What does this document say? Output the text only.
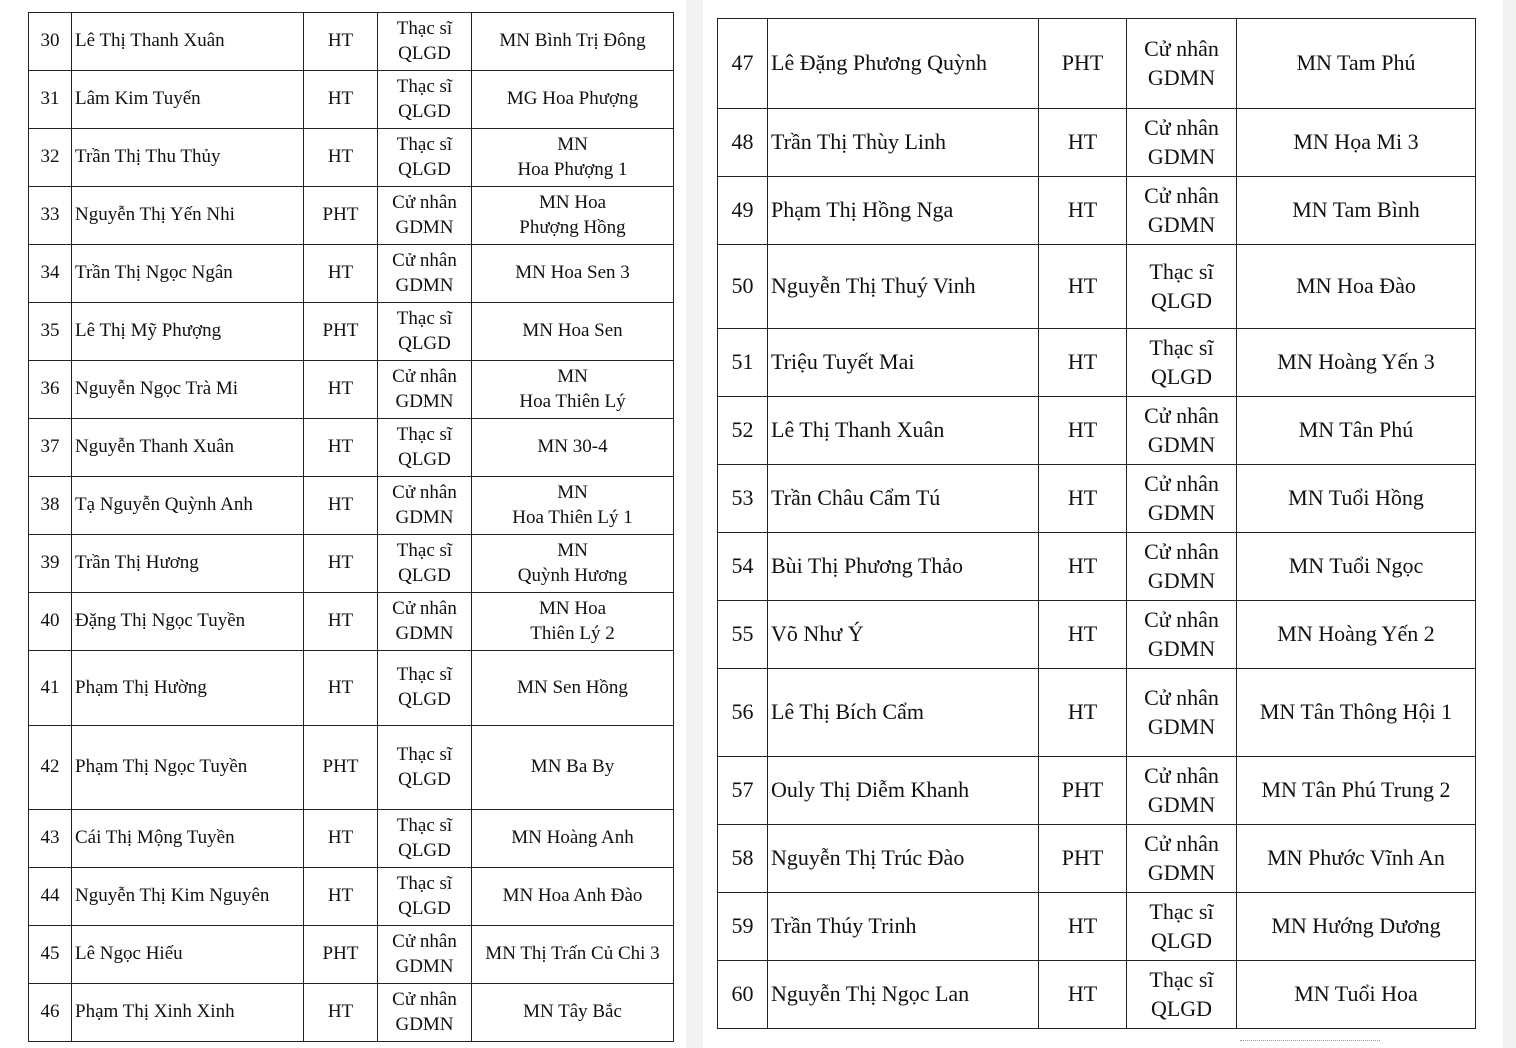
30	Lê Thị Thanh Xuân	HT	Thạc sĩ
QLGD	MN Bình Trị Đông

31	Lâm Kim Tuyến	HT	Thạc sĩ
QLGD	MG Hoa Phượng

32	Trần Thị Thu Thủy	HT	Thạc sĩ
QLGD	MN
Hoa Phượng 1

33	Nguyễn Thị Yến Nhi	PHT	Cử nhân
GDMN	MN Hoa
Phượng Hồng

34	Trần Thị Ngọc Ngân	HT	Cử nhân
GDMN	MN Hoa Sen 3

35	Lê Thị Mỹ Phượng	PHT	Thạc sĩ
QLGD	MN Hoa Sen

36	Nguyễn Ngọc Trà Mi	HT	Cử nhân
GDMN	MN
Hoa Thiên Lý

37	Nguyễn Thanh Xuân	HT	Thạc sĩ
QLGD	MN 30-4

38	Tạ Nguyễn Quỳnh Anh	HT	Cử nhân
GDMN	MN
Hoa Thiên Lý 1

39	Trần Thị Hương	HT	Thạc sĩ
QLGD	MN
Quỳnh Hương

40	Đặng Thị Ngọc Tuyền	HT	Cử nhân
GDMN	MN Hoa
Thiên Lý 2

41	Phạm Thị Hường	HT	Thạc sĩ
QLGD	MN Sen Hồng

42	Phạm Thị Ngọc Tuyền	PHT	Thạc sĩ
QLGD	MN Ba By

43	Cái Thị Mộng Tuyền	HT	Thạc sĩ
QLGD	MN Hoàng Anh

44	Nguyễn Thị Kim Nguyên	HT	Thạc sĩ
QLGD	MN Hoa Anh Đào

45	Lê Ngọc Hiếu	PHT	Cử nhân
GDMN	MN Thị Trấn Củ Chi 3

46	Phạm Thị Xinh Xinh	HT	Cử nhân
GDMN	MN Tây Bắc
47	Lê Đặng Phương Quỳnh	PHT	Cử nhân
GDMN	MN Tam Phú

48	Trần Thị Thùy Linh	HT	Cử nhân
GDMN	MN Họa Mi 3

49	Phạm Thị Hồng Nga	HT	Cử nhân
GDMN	MN Tam Bình

50	Nguyễn Thị Thuý Vinh	HT	Thạc sĩ
QLGD	MN Hoa Đào

51	Triệu Tuyết Mai	HT	Thạc sĩ
QLGD	MN Hoàng Yến 3

52	Lê Thị Thanh Xuân	HT	Cử nhân
GDMN	MN Tân Phú

53	Trần Châu Cẩm Tú	HT	Cử nhân
GDMN	MN Tuổi Hồng

54	Bùi Thị Phương Thảo	HT	Cử nhân
GDMN	MN Tuổi Ngọc

55	Võ Như Ý	HT	Cử nhân
GDMN	MN Hoàng Yến 2

56	Lê Thị Bích Cẩm	HT	Cử nhân
GDMN	MN Tân Thông Hội 1

57	Ouly Thị Diễm Khanh	PHT	Cử nhân
GDMN	MN Tân Phú Trung 2

58	Nguyễn Thị Trúc Đào	PHT	Cử nhân
GDMN	MN Phước Vĩnh An

59	Trần Thúy Trinh	HT	Thạc sĩ
QLGD	MN Hướng Dương

60	Nguyễn Thị Ngọc Lan	HT	Thạc sĩ
QLGD	MN Tuổi Hoa
